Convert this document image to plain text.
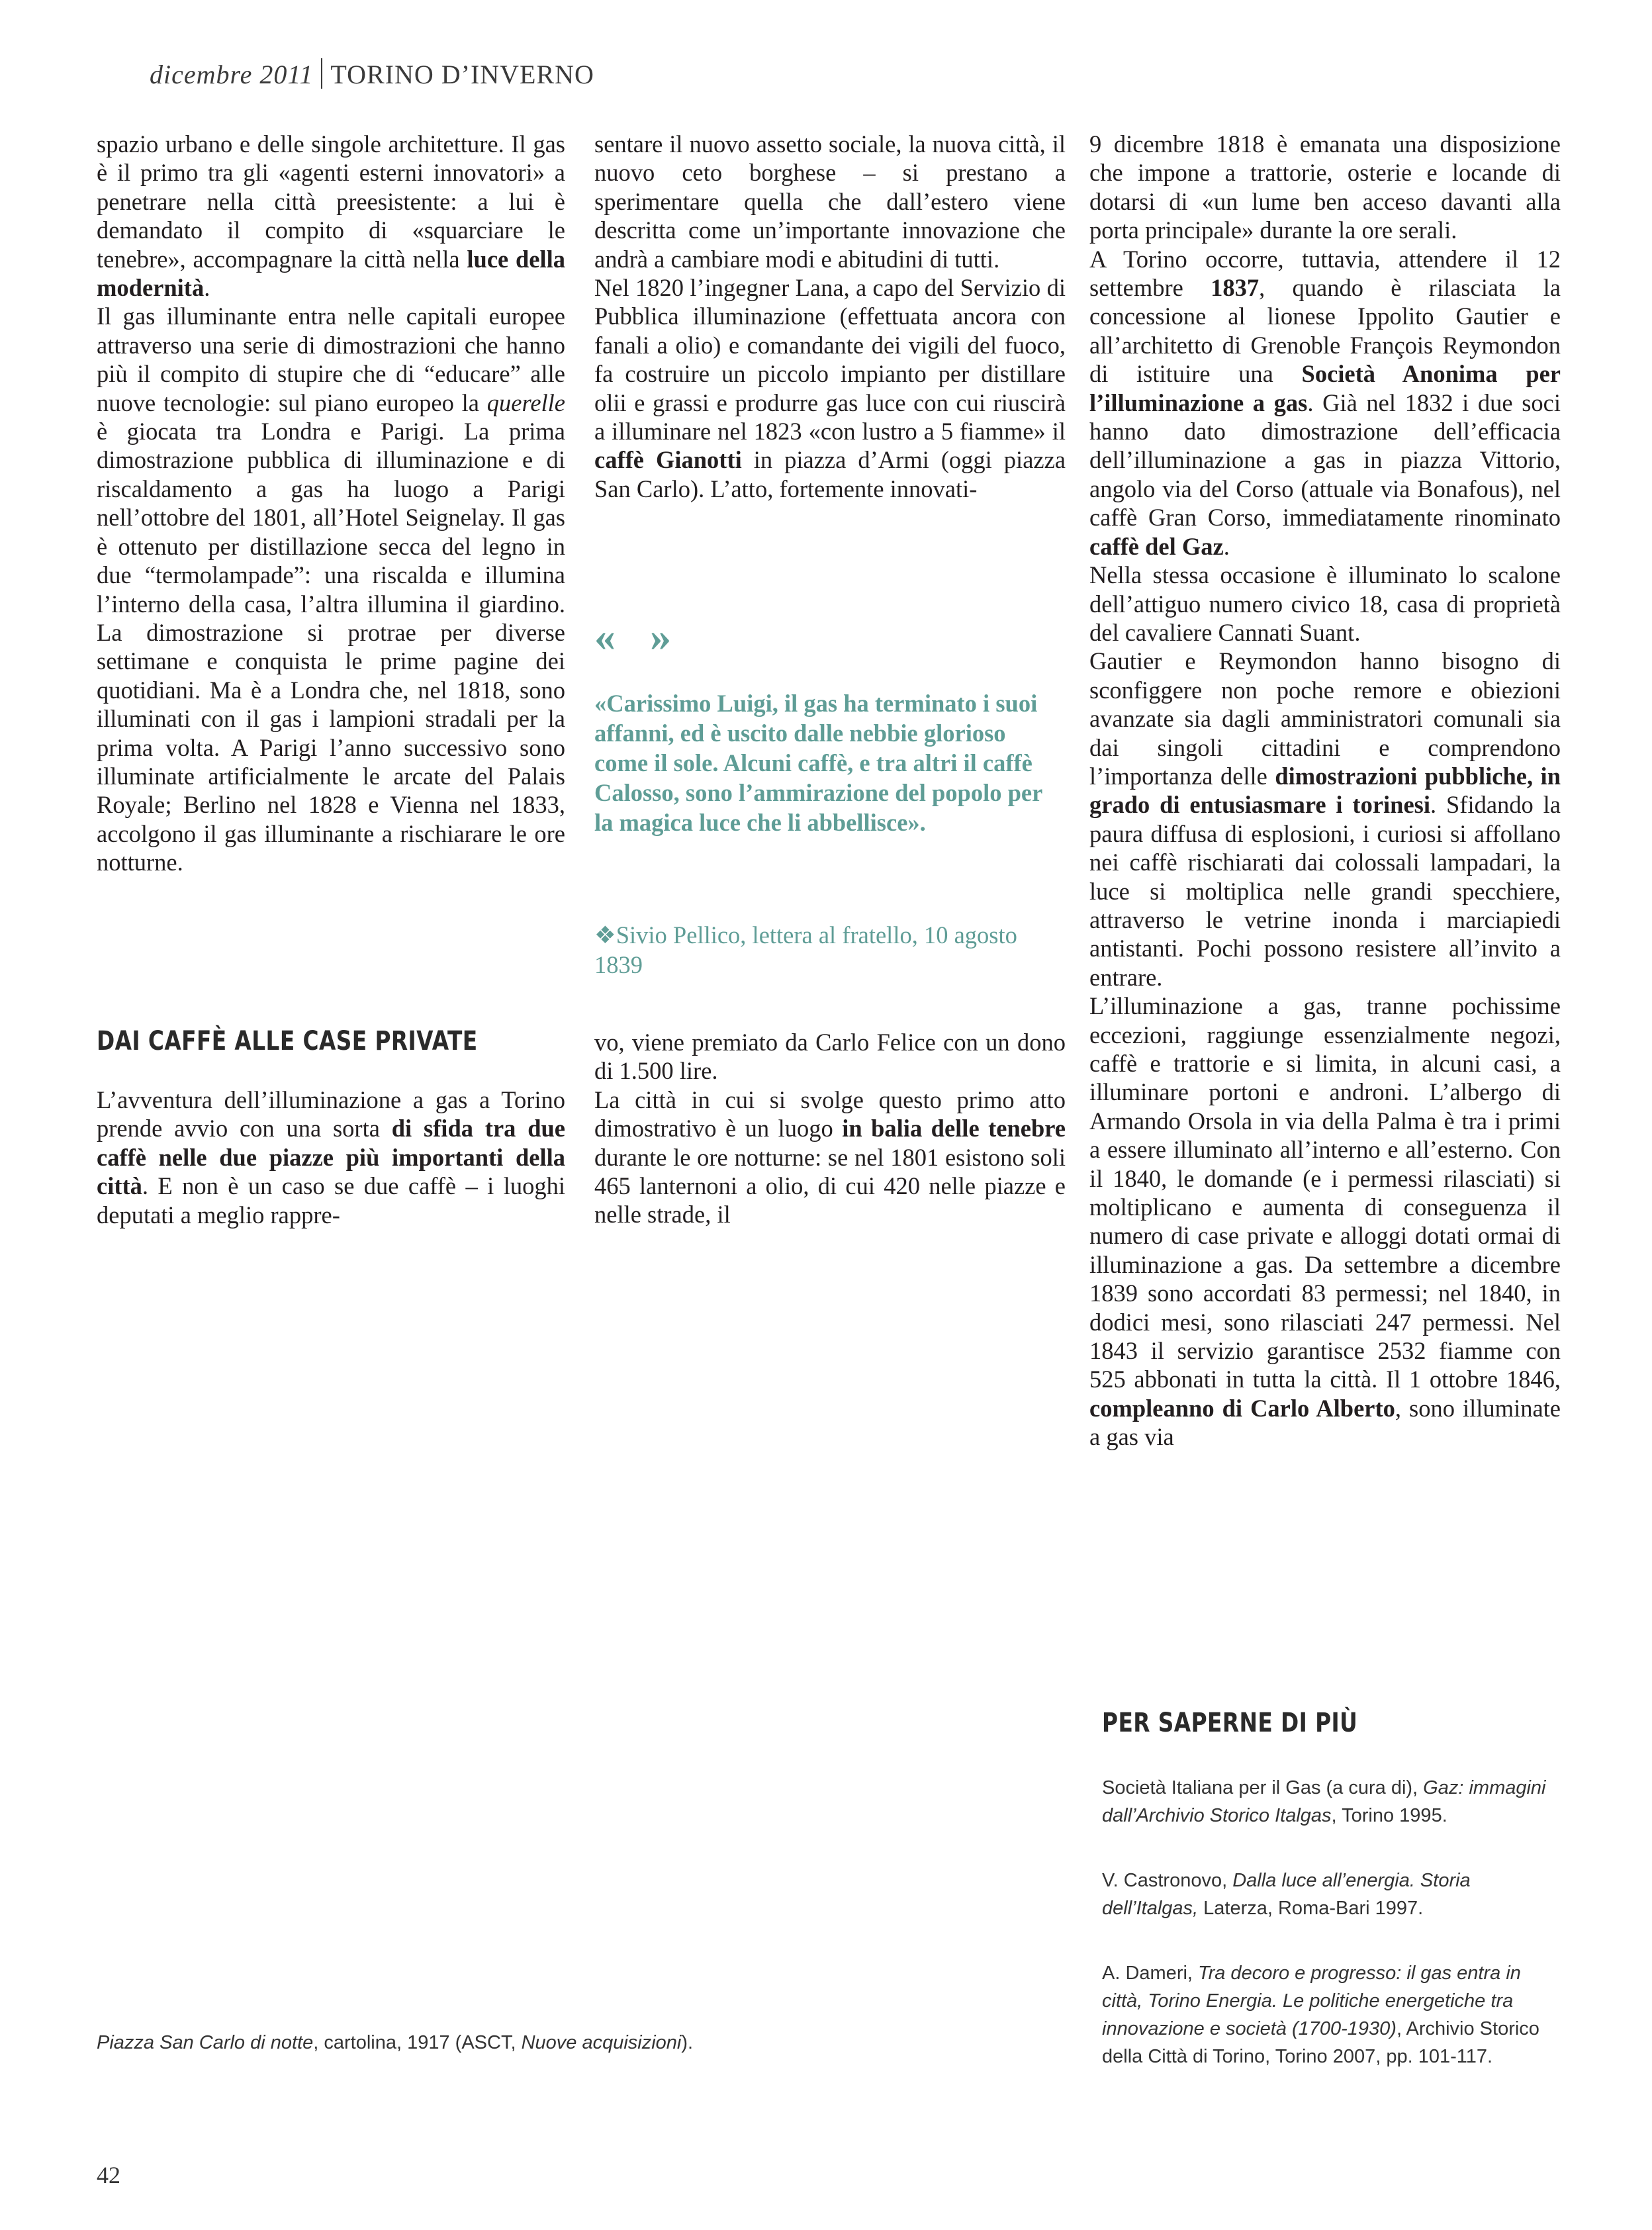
dicembre 2011 TORINO D’INVERNO

spazio urbano e delle singole architetture. Il gas è il primo tra gli «agenti esterni innovatori» a penetrare nella città preesistente: a lui è demandato il compito di «squarciare le tenebre», accompagnare la città nella luce della modernità.

Il gas illuminante entra nelle capitali europee attraverso una serie di dimostrazioni che hanno più il compito di stupire che di “educare” alle nuove tecnologie: sul piano europeo la querelle è giocata tra Londra e Parigi. La prima dimostrazione pubblica di illuminazione e di riscaldamento a gas ha luogo a Parigi nell’ottobre del 1801, all’Hotel Seignelay. Il gas è ottenuto per distillazione secca del legno in due “termolampade”: una riscalda e illumina l’interno della casa, l’altra illumina il giardino. La dimostrazione si protrae per diverse settimane e conquista le prime pagine dei quotidiani. Ma è a Londra che, nel 1818, sono illuminati con il gas i lampioni stradali per la prima volta. A Parigi l’anno successivo sono illuminate artificialmente le arcate del Palais Royale; Berlino nel 1828 e Vienna nel 1833, accolgono il gas illuminante a rischiarare le ore notturne.

DAI CAFFÈ ALLE CASE PRIVATE

L’avventura dell’illuminazione a gas a Torino prende avvio con una sorta di sfida tra due caffè nelle due piazze più importanti della città. E non è un caso se due caffè – i luoghi deputati a meglio rappre-

sentare il nuovo assetto sociale, la nuova città, il nuovo ceto borghese – si prestano a sperimentare quella che dall’estero viene descritta come un’importante innovazione che andrà a cambiare modi e abitudini di tutti.

Nel 1820 l’ingegner Lana, a capo del Servizio di Pubblica illuminazione (effettuata ancora con fanali a olio) e comandante dei vigili del fuoco, fa costruire un piccolo impianto per distillare olii e grassi e produrre gas luce con cui riuscirà a illuminare nel 1823 «con lustro a 5 fiamme» il caffè Gianotti in piazza d’Armi (oggi piazza San Carlo). L’atto, fortemente innovati-

« »
«Carissimo Luigi, il gas ha terminato i suoi affanni, ed è uscito dalle nebbie glorioso come il sole. Alcuni caffè, e tra altri il caffè Calosso, sono l’ammirazione del popolo per la magica luce che li abbellisce».
❖Sivio Pellico, lettera al fratello, 10 agosto 1839

vo, viene premiato da Carlo Felice con un dono di 1.500 lire.

La città in cui si svolge questo primo atto dimostrativo è un luogo in balia delle tenebre durante le ore notturne: se nel 1801 esistono soli 465 lanternoni a olio, di cui 420 nelle piazze e nelle strade, il

9 dicembre 1818 è emanata una disposizione che impone a trattorie, osterie e locande di dotarsi di «un lume ben acceso davanti alla porta principale» durante la ore serali.

A Torino occorre, tuttavia, attendere il 12 settembre 1837, quando è rilasciata la concessione al lionese Ippolito Gautier e all’architetto di Grenoble François Reymondon di istituire una Società Anonima per l’illuminazione a gas. Già nel 1832 i due soci hanno dato dimostrazione dell’efficacia dell’illuminazione a gas in piazza Vittorio, angolo via del Corso (attuale via Bonafous), nel caffè Gran Corso, immediatamente rinominato caffè del Gaz.

Nella stessa occasione è illuminato lo scalone dell’attiguo numero civico 18, casa di proprietà del cavaliere Cannati Suant.

Gautier e Reymondon hanno bisogno di sconfiggere non poche remore e obiezioni avanzate sia dagli amministratori comunali sia dai singoli cittadini e comprendono l’importanza delle dimostrazioni pubbliche, in grado di entusiasmare i torinesi. Sfidando la paura diffusa di esplosioni, i curiosi si affollano nei caffè rischiarati dai colossali lampadari, la luce si moltiplica nelle grandi specchiere, attraverso le vetrine inonda i marciapiedi antistanti. Pochi possono resistere all’invito a entrare.

L’illuminazione a gas, tranne pochissime eccezioni, raggiunge essenzialmente negozi, caffè e trattorie e si limita, in alcuni casi, a illuminare portoni e androni. L’albergo di Armando Orsola in via della Palma è tra i primi a essere illuminato all’interno e all’esterno. Con il 1840, le domande (e i permessi rilasciati) si moltiplicano e aumenta di conseguenza il numero di case private e alloggi dotati ormai di illuminazione a gas. Da settembre a dicembre 1839 sono accordati 83 permessi; nel 1840, in dodici mesi, sono rilasciati 247 permessi. Nel 1843 il servizio garantisce 2532 fiamme con 525 abbonati in tutta la città. Il 1 ottobre 1846, compleanno di Carlo Alberto, sono illuminate a gas via

PER SAPERNE DI PIÙ
Società Italiana per il Gas (a cura di), Gaz: immagini dall’Archivio Storico Italgas, Torino 1995.
V. Castronovo, Dalla luce all’energia. Storia dell’Italgas, Laterza, Roma-Bari 1997.
A. Dameri, Tra decoro e progresso: il gas entra in città, Torino Energia. Le politiche energetiche tra innovazione e società (1700-1930), Archivio Storico della Città di Torino, Torino 2007, pp. 101-117.
Piazza San Carlo di notte, cartolina, 1917 (ASCT, Nuove acquisizioni).
42
